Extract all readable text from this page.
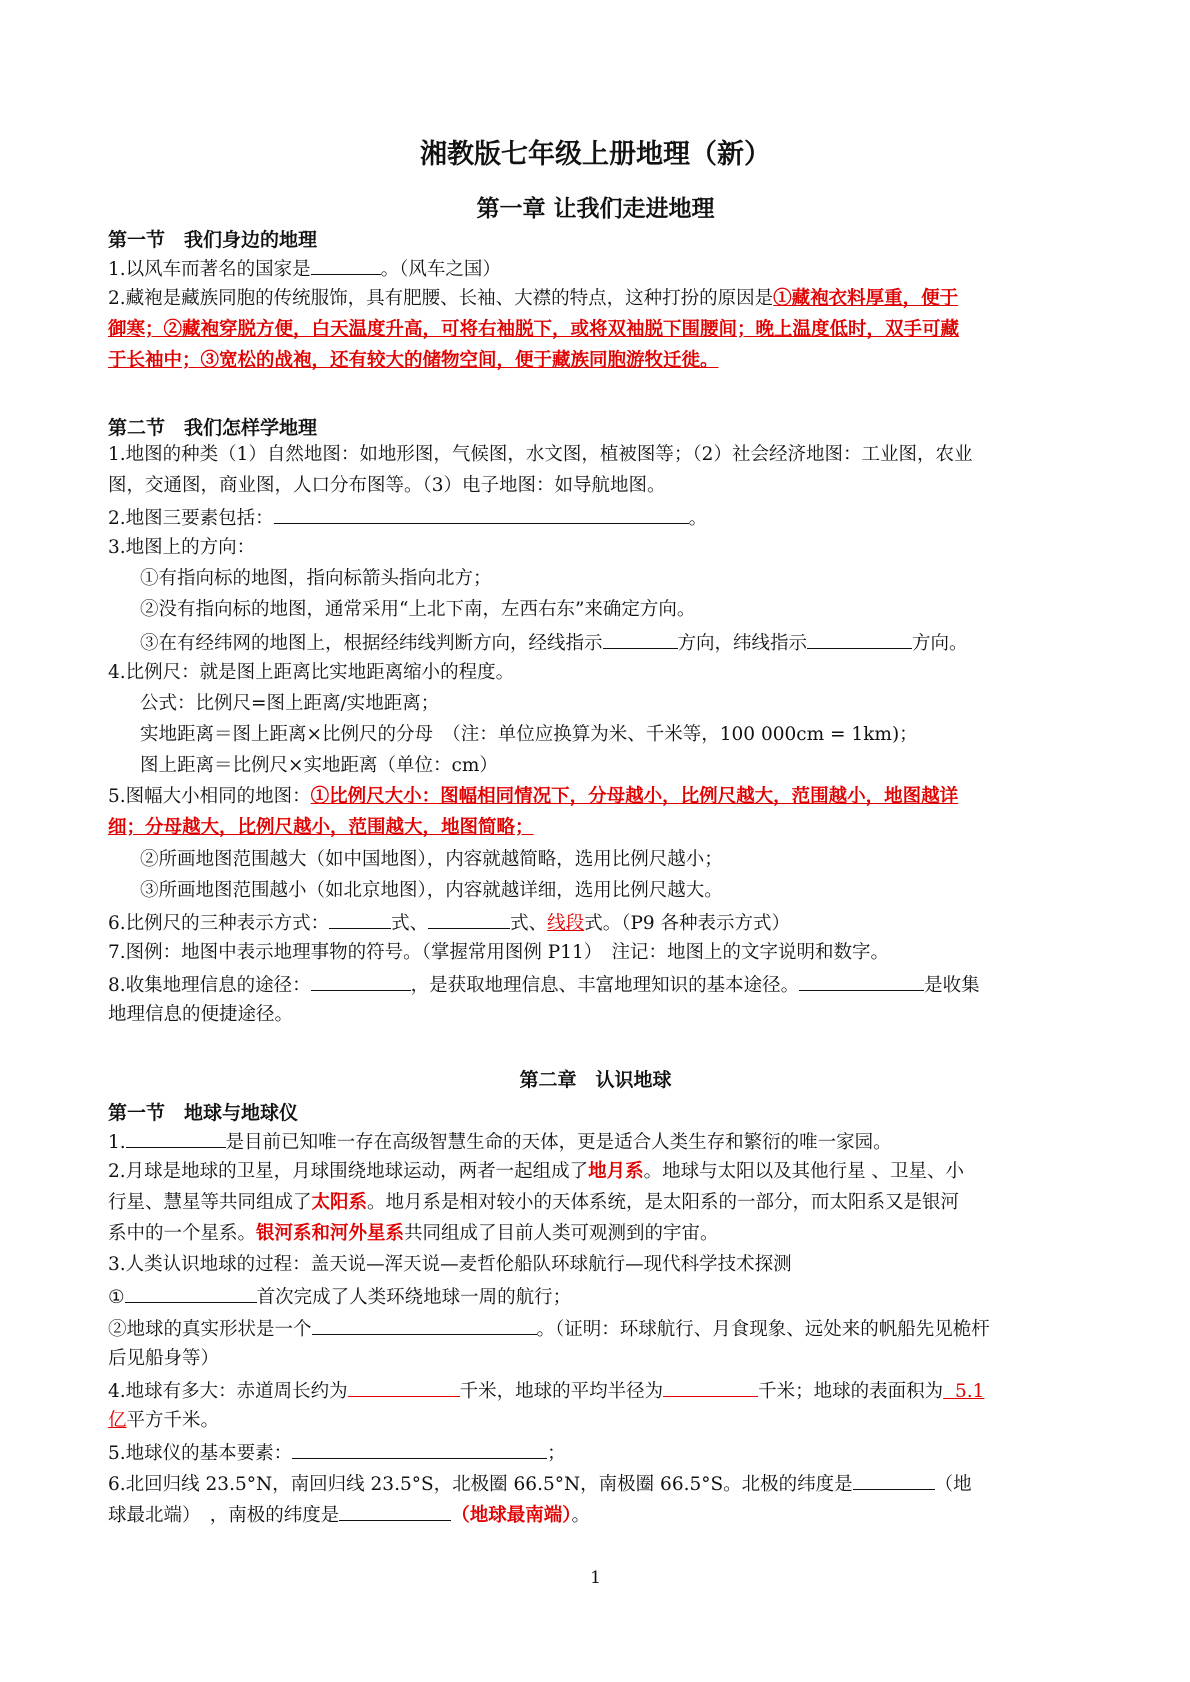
湘教版七年级上册地理（新）
第一章 让我们走进地理
第一节　我们身边的地理
1.以风车而著名的国家是	。（风车之国）
2.藏袍是藏族同胞的传统服饰，具有肥腰、长袖、大襟的特点，这种打扮的原因是①藏袍衣料厚重，便于
御寒；②藏袍穿脱方便，白天温度升高，可将右袖脱下，或将双袖脱下围腰间；晚上温度低时，双手可藏
于长袖中；③宽松的战袍，还有较大的储物空间，便于藏族同胞游牧迁徙。
第二节　我们怎样学地理
1.地图的种类（1）自然地图：如地形图，气候图，水文图，植被图等；（2）社会经济地图：工业图，农业
图，交通图，商业图，人口分布图等。（3）电子地图：如导航地图。
2.地图三要素包括：	。
3.地图上的方向：
①有指向标的地图，指向标箭头指向北方；
②没有指向标的地图，通常采用“上北下南，左西右东”来确定方向。
③在有经纬网的地图上，根据经纬线判断方向，经线指示	方向，纬线指示	方向。
4.比例尺：就是图上距离比实地距离缩小的程度。
公式：比例尺=图上距离/实地距离；
实地距离＝图上距离×比例尺的分母　（注：单位应换算为米、千米等，100 000cm = 1km)；
图上距离＝比例尺×实地距离（单位：cm）
5.图幅大小相同的地图：①比例尺大小：图幅相同情况下，分母越小，比例尺越大，范围越小，地图越详
细；分母越大，比例尺越小，范围越大，地图简略；
②所画地图范围越大（如中国地图），内容就越简略，选用比例尺越小；
③所画地图范围越小（如北京地图），内容就越详细，选用比例尺越大。
6.比例尺的三种表示方式：	式、	式、线段式。（P9 各种表示方式）
7.图例：地图中表示地理事物的符号。（掌握常用图例 P11）　注记：地图上的文字说明和数字。
8.收集地理信息的途径：	，是获取地理信息、丰富地理知识的基本途径。	是收集
地理信息的便捷途径。
第二章　认识地球
第一节　地球与地球仪
1.	是目前已知唯一存在高级智慧生命的天体，更是适合人类生存和繁衍的唯一家园。
2.月球是地球的卫星，月球围绕地球运动，两者一起组成了地月系。地球与太阳以及其他行星 、卫星、小
行星、慧星等共同组成了太阳系。地月系是相对较小的天体系统，是太阳系的一部分，而太阳系又是银河
系中的一个星系。银河系和河外星系共同组成了目前人类可观测到的宇宙。
3.人类认识地球的过程：盖天说—浑天说—麦哲伦船队环球航行—现代科学技术探测
①	首次完成了人类环绕地球一周的航行；
②地球的真实形状是一个	。（证明：环球航行、月食现象、远处来的帆船先见桅杆
后见船身等）
4.地球有多大：赤道周长约为	千米，地球的平均半径为	千米；地球的表面积为 5.1
亿平方千米。
5.地球仪的基本要素：	；
6.北回归线 23.5°N，南回归线 23.5°S，北极圈 66.5°N，南极圈 66.5°S。北极的纬度是	（地
球最北端）　，南极的纬度是	（地球最南端）。
1
